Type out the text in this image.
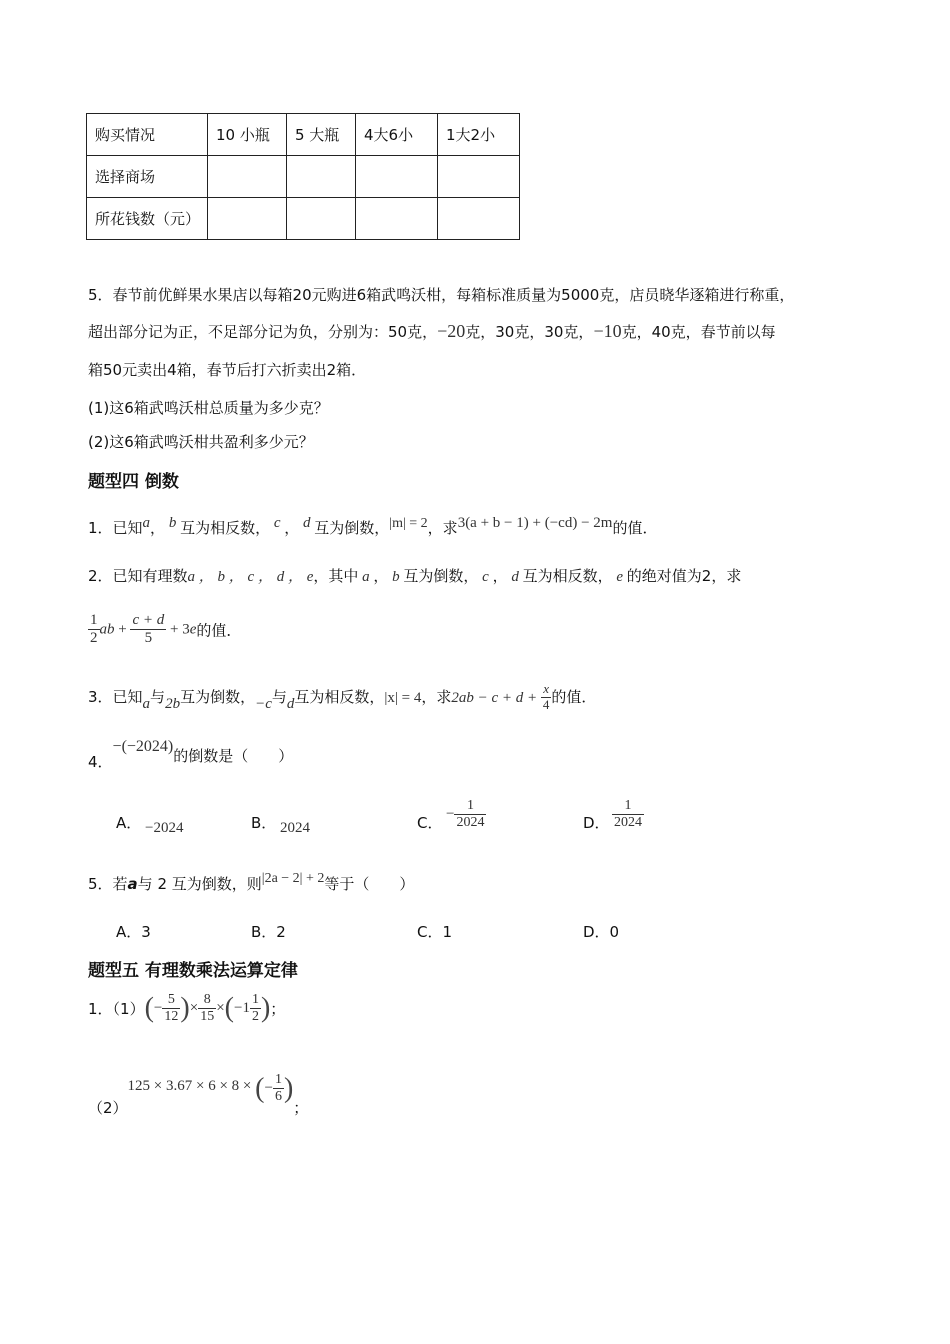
购买情况	10 小瓶	5 大瓶	4大6小	1大2小
选择商场				
所花钱数（元）				
5．春节前优鲜果水果店以每箱20元购进6箱武鸣沃柑，每箱标准质量为5000克，店员晓华逐箱进行称重，
超出部分记为正，不足部分记为负，分别为：50克，−20克，30克，30克，−10克，40克，春节前以每
箱50元卖出4箱，春节后打六折卖出2箱．
(1)这6箱武鸣沃柑总质量为多少克？
(2)这6箱武鸣沃柑共盈利多少元？
题型四 倒数
1．已知a， b 互为相反数， c ， d 互为倒数，|m| = 2，求3(a + b − 1) + (−cd) − 2m的值．
2．已知有理数a ， b ， c ， d ， e，其中 a ， b 互为倒数， c ， d 互为相反数， e 的绝对值为2，求
$\frac{1}{2}$ ab + $\frac{c + d}{5} + 3e$的值．
3．已知a与2b互为倒数，−c与d互为相反数，|x| = 4，求$2ab - c + d + \frac{x}{4}$ 的值．
4．−(−2024)的倒数是（　　）
A． −2024	B． 2024	C． − $\frac{1}{2024}$	D． $\frac{1}{2024}$
5．若a与 2 互为倒数，则|2a − 2| + 2等于（　　）
A．3	B．2	C．1	D．0
题型五 有理数乘法运算定律
1．$(1)(- \frac{5}{12}$ )× $\frac{8}{15} \times(-1 \frac{1}{2}$ )；
（2）125 × 3.67 × 6 × 8 × (− $\frac{1}{6}$ )；
